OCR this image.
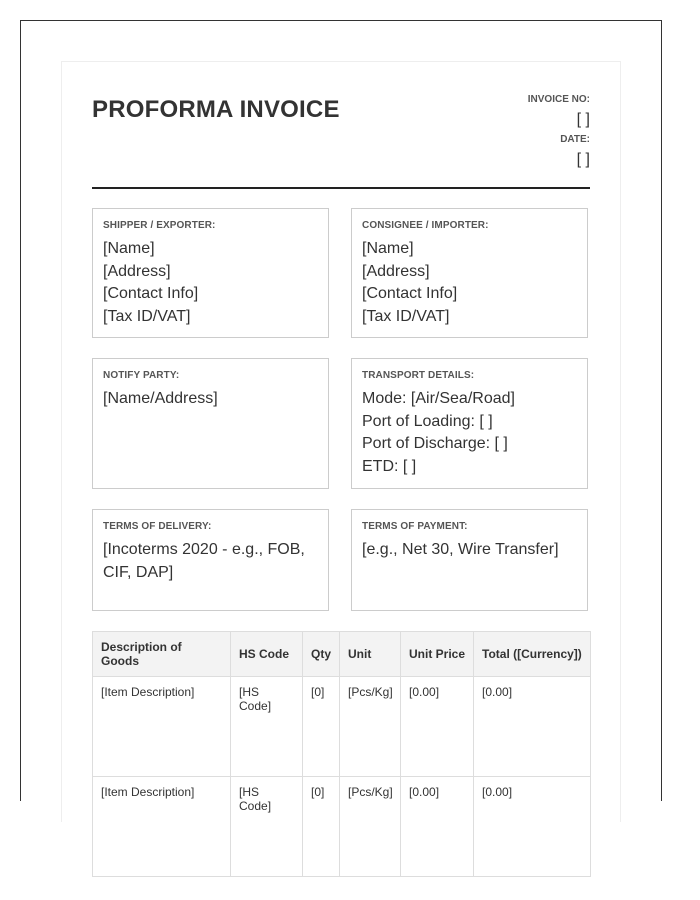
PROFORMA INVOICE	INVOICE NO:
[ ]
DATE:
[ ]
SHIPPER / EXPORTER:
[Name]
[Address]
[Contact Info]
[Tax ID/VAT]
CONSIGNEE / IMPORTER:
[Name]
[Address]
[Contact Info]
[Tax ID/VAT]
NOTIFY PARTY:
[Name/Address]
TRANSPORT DETAILS:
Mode: [Air/Sea/Road]
Port of Loading: [ ]
Port of Discharge: [ ]
ETD: [ ]
TERMS OF DELIVERY:
[Incoterms 2020 - e.g., FOB, CIF, DAP]
TERMS OF PAYMENT:
[e.g., Net 30, Wire Transfer]
Description of Goods	HS Code	Qty	Unit	Unit Price	Total ([Currency])
[Item Description]	[HS Code]	[0]	[Pcs/Kg]	[0.00]	[0.00]
[Item Description]	[HS Code]	[0]	[Pcs/Kg]	[0.00]	[0.00]
